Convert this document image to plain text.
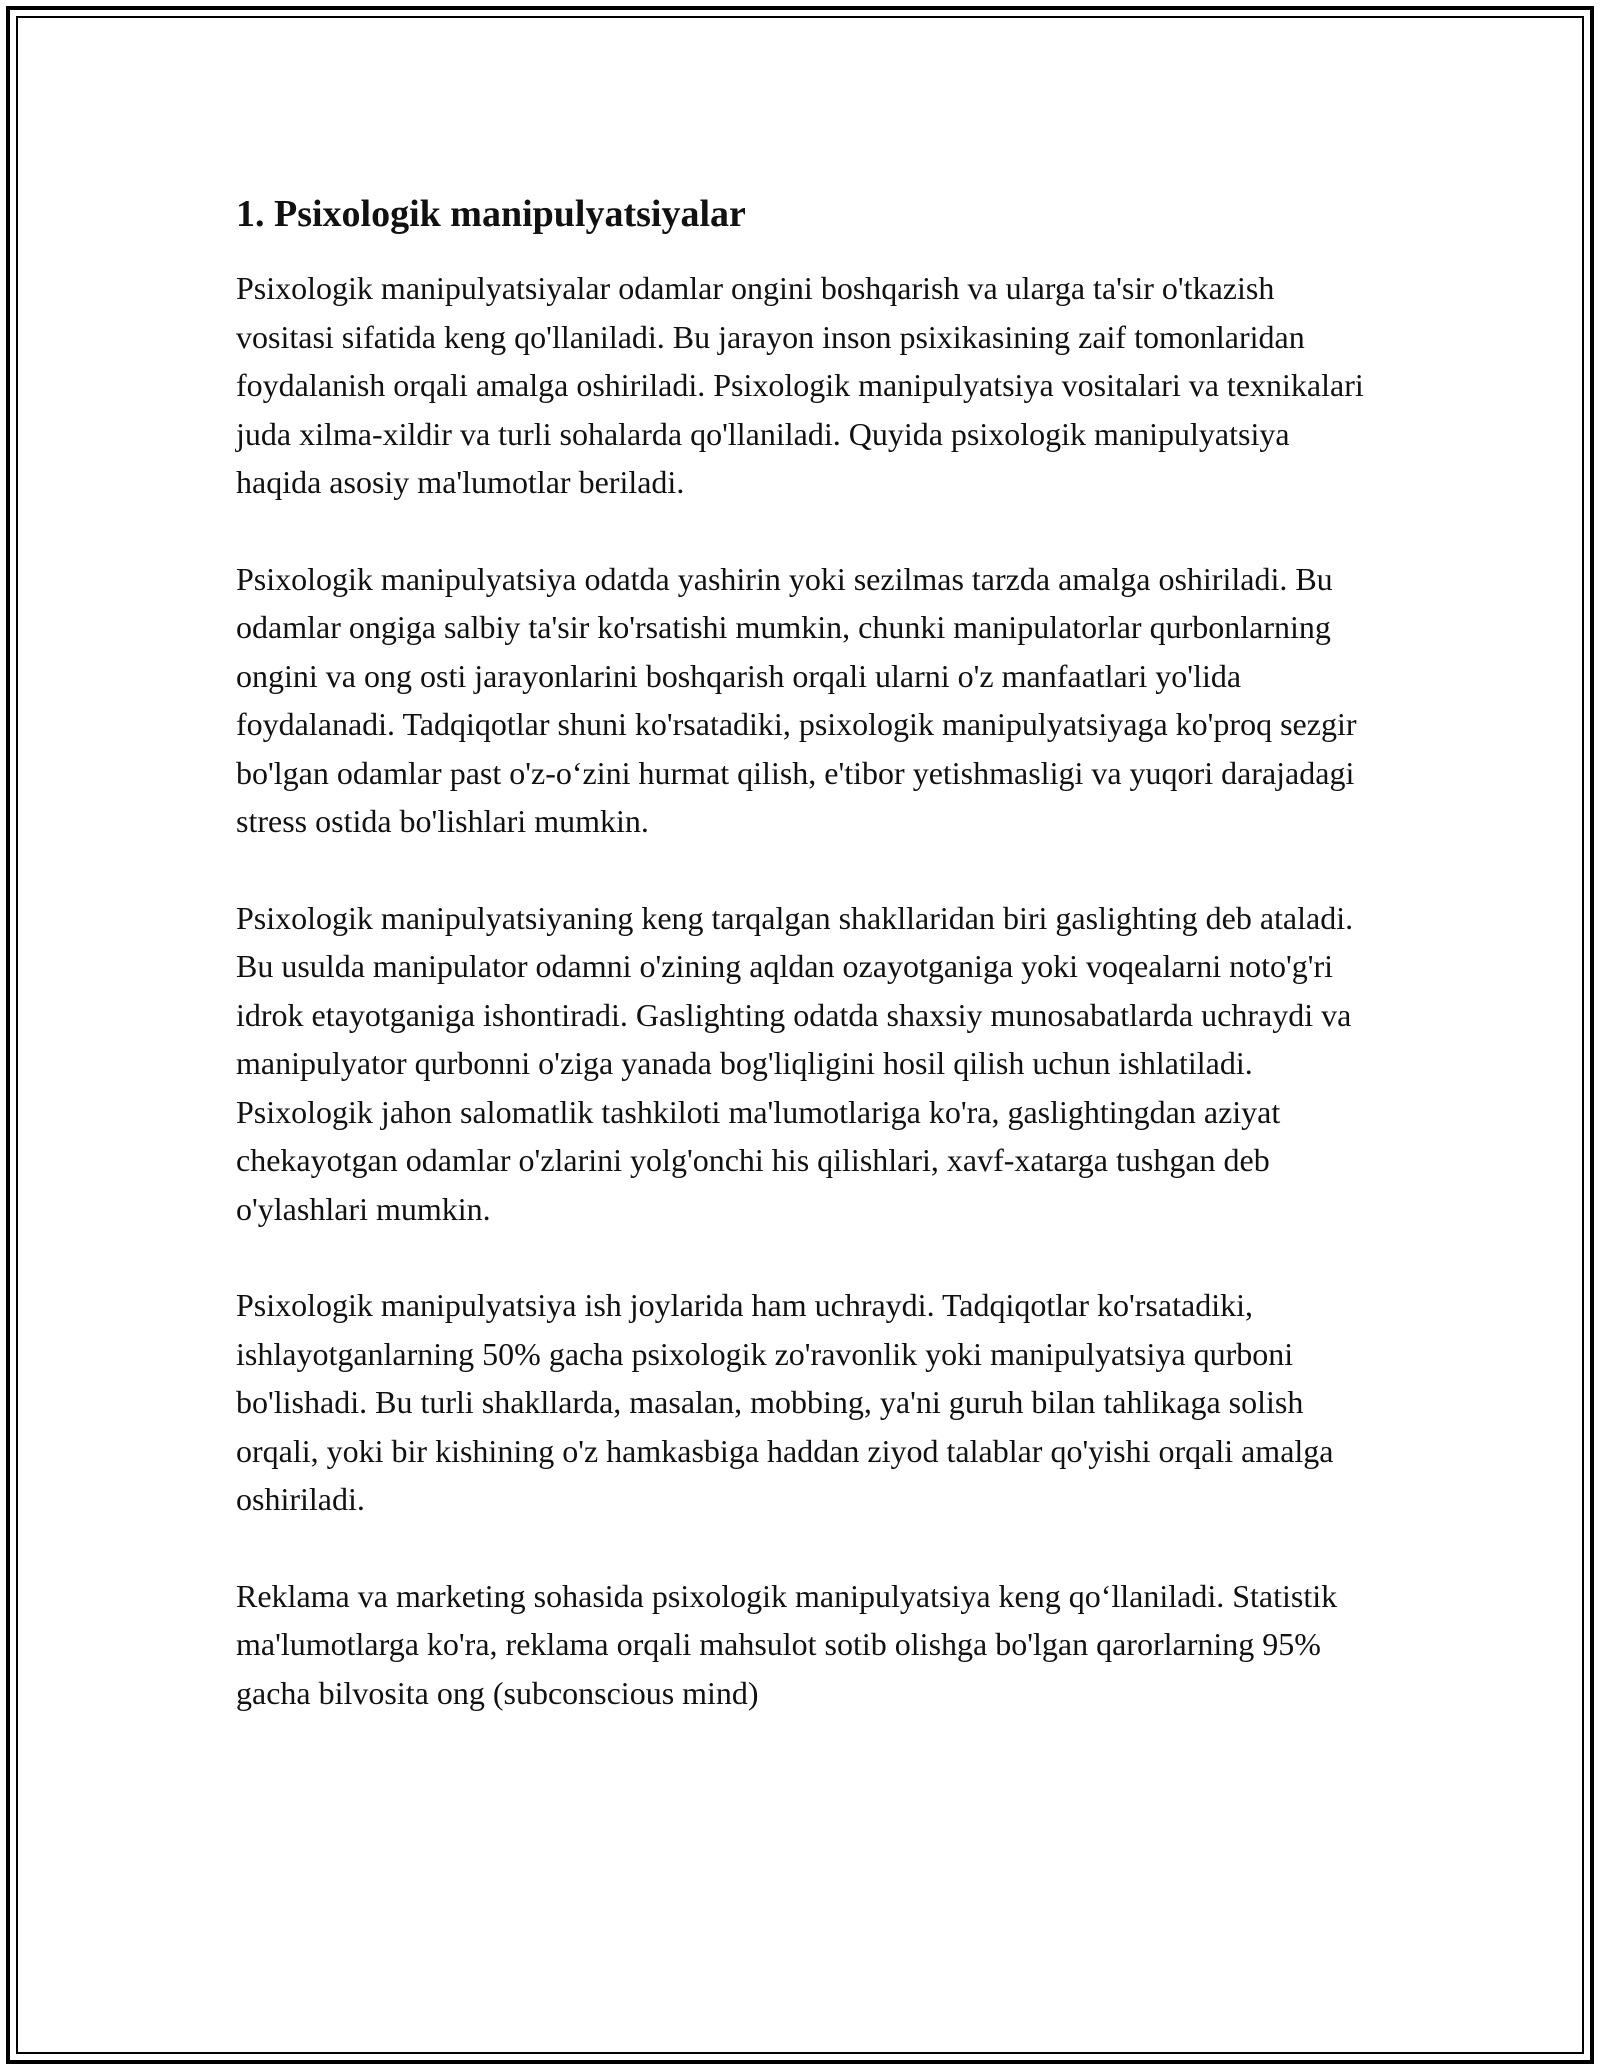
1. Psixologik manipulyatsiyalar

Psixologik manipulyatsiyalar odamlar ongini boshqarish va ularga ta'sir o'tkazish vositasi sifatida keng qo'llaniladi. Bu jarayon inson psixikasining zaif tomonlaridan foydalanish orqali amalga oshiriladi. Psixologik manipulyatsiya vositalari va texnikalari juda xilma-xildir va turli sohalarda qo'llaniladi. Quyida psixologik manipulyatsiya haqida asosiy ma'lumotlar beriladi.

Psixologik manipulyatsiya odatda yashirin yoki sezilmas tarzda amalga oshiriladi. Bu odamlar ongiga salbiy ta'sir ko'rsatishi mumkin, chunki manipulatorlar qurbonlarning ongini va ong osti jarayonlarini boshqarish orqali ularni o'z manfaatlari yo'lida foydalanadi. Tadqiqotlar shuni ko'rsatadiki, psixologik manipulyatsiyaga ko'proq sezgir bo'lgan odamlar past o'z-o‘zini hurmat qilish, e'tibor yetishmasligi va yuqori darajadagi stress ostida bo'lishlari mumkin.

Psixologik manipulyatsiyaning keng tarqalgan shakllaridan biri gaslighting deb ataladi. Bu usulda manipulator odamni o'zining aqldan ozayotganiga yoki voqealarni noto'g'ri idrok etayotganiga ishontiradi. Gaslighting odatda shaxsiy munosabatlarda uchraydi va manipulyator qurbonni o'ziga yanada bog'liqligini hosil qilish uchun ishlatiladi. Psixologik jahon salomatlik tashkiloti ma'lumotlariga ko'ra, gaslightingdan aziyat chekayotgan odamlar o'zlarini yolg'onchi his qilishlari, xavf-xatarga tushgan deb o'ylashlari mumkin.

Psixologik manipulyatsiya ish joylarida ham uchraydi. Tadqiqotlar ko'rsatadiki, ishlayotganlarning 50% gacha psixologik zo'ravonlik yoki manipulyatsiya qurboni bo'lishadi. Bu turli shakllarda, masalan, mobbing, ya'ni guruh bilan tahlikaga solish orqali, yoki bir kishining o'z hamkasbiga haddan ziyod talablar qo'yishi orqali amalga oshiriladi.

Reklama va marketing sohasida psixologik manipulyatsiya keng qo‘llaniladi. Statistik ma'lumotlarga ko'ra, reklama orqali mahsulot sotib olishga bo'lgan qarorlarning 95% gacha bilvosita ong (subconscious mind)
